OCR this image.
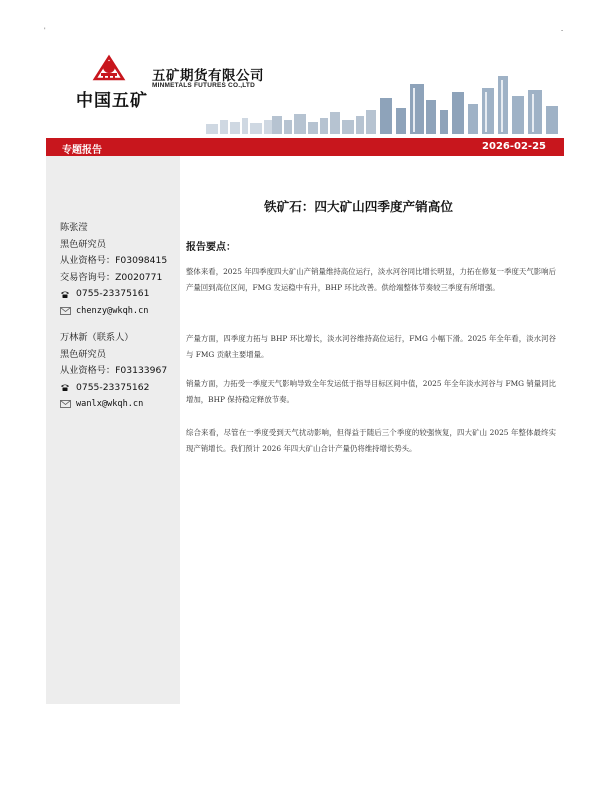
'	-
中国五矿
五矿期货有限公司
MINMETALS FUTURES CO.,LTD
专题报告	2026-02-25
陈张滢
黑色研究员
从业资格号：F03098415
交易咨询号：Z0020771
0755-23375161
chenzy@wkqh.cn
万林新（联系人）
黑色研究员
从业资格号：F03133967
0755-23375162
wanlx@wkqh.cn
铁矿石：四大矿山四季度产销高位
报告要点：

整体来看，2025 年四季度四大矿山产销量维持高位运行，淡水河谷同比增长明显，力拓在修复一季度天气影响后产量回到高位区间，FMG 发运稳中有升，BHP 环比改善。供给端整体节奏较三季度有所增强。

产量方面，四季度力拓与 BHP 环比增长，淡水河谷维持高位运行，FMG 小幅下滑。2025 年全年看，淡水河谷与 FMG 贡献主要增量。

销量方面，力拓受一季度天气影响导致全年发运低于指导目标区间中值，2025 年全年淡水河谷与 FMG 销量同比增加，BHP 保持稳定释放节奏。

综合来看，尽管在一季度受到天气扰动影响，但得益于随后三个季度的较强恢复，四大矿山 2025 年整体最终实现产销增长。我们预计 2026 年四大矿山合计产量仍将维持增长势头。
